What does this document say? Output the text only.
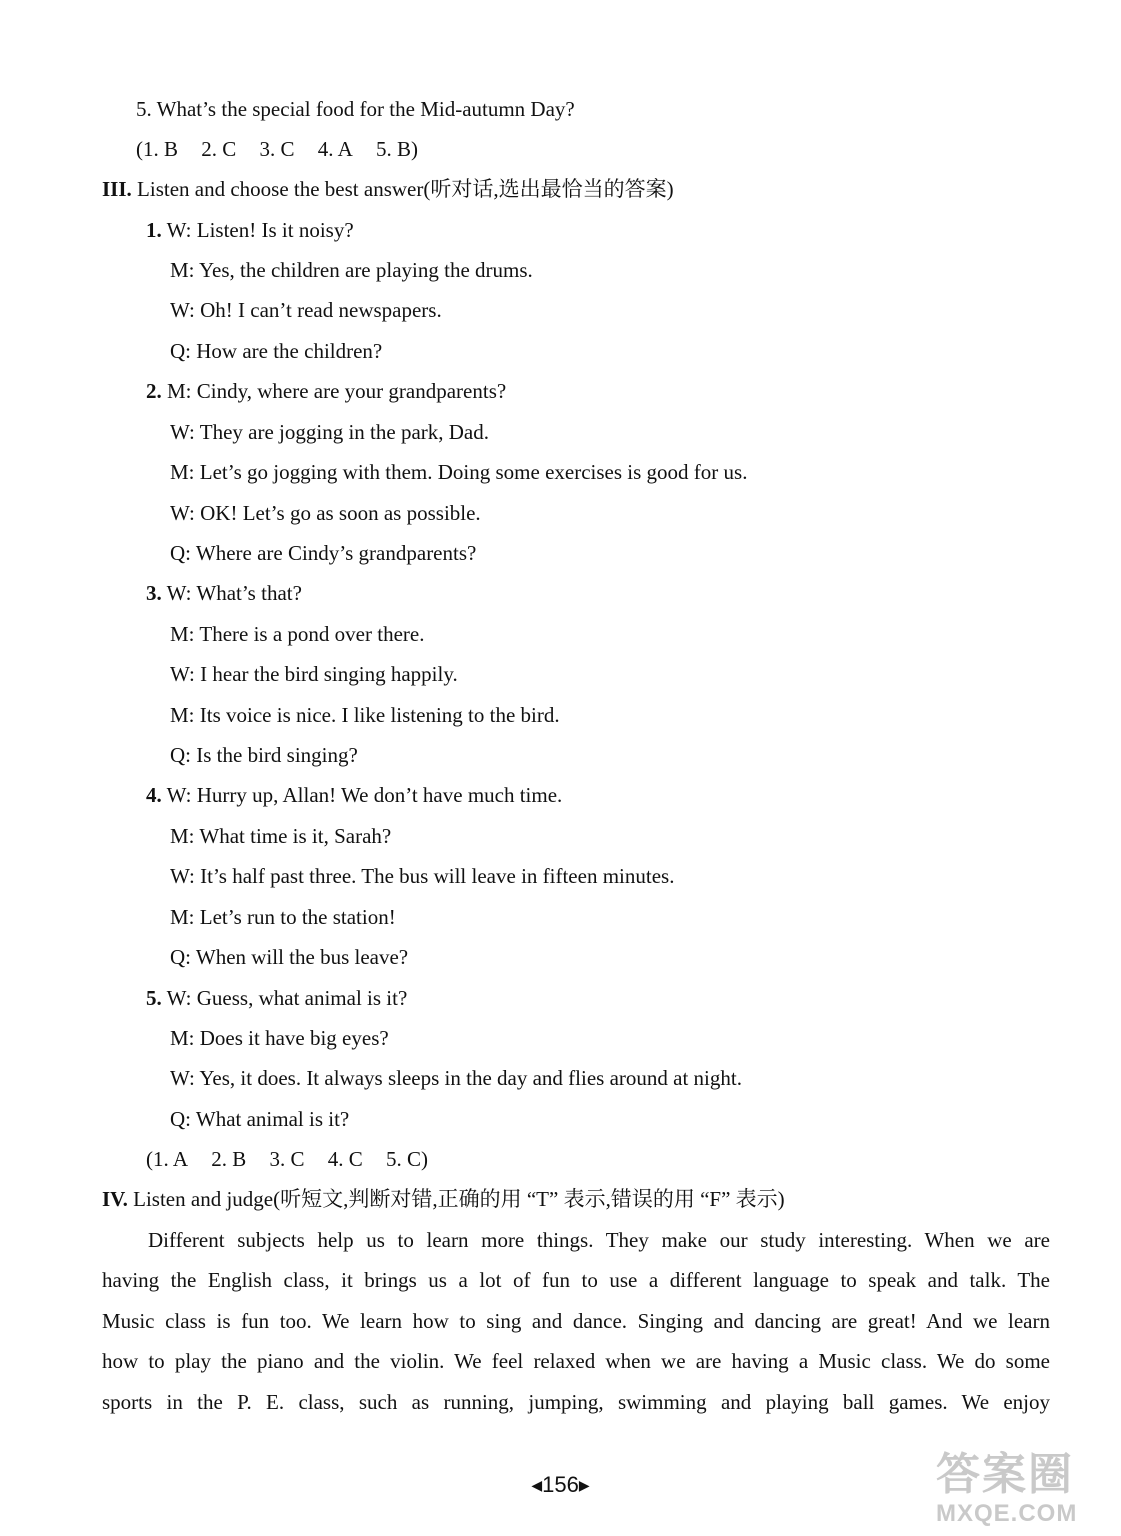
5. What’s the special food for the Mid-autumn Day?
(1. B 2. C 3. C 4. A 5. B)
III. Listen and choose the best answer(听对话,选出最恰当的答案)
1. W: Listen! Is it noisy?
M: Yes, the children are playing the drums.
W: Oh! I can’t read newspapers.
Q: How are the children?
2. M: Cindy, where are your grandparents?
W: They are jogging in the park, Dad.
M: Let’s go jogging with them. Doing some exercises is good for us.
W: OK! Let’s go as soon as possible.
Q: Where are Cindy’s grandparents?
3. W: What’s that?
M: There is a pond over there.
W: I hear the bird singing happily.
M: Its voice is nice. I like listening to the bird.
Q: Is the bird singing?
4. W: Hurry up, Allan! We don’t have much time.
M: What time is it, Sarah?
W: It’s half past three. The bus will leave in fifteen minutes.
M: Let’s run to the station!
Q: When will the bus leave?
5. W: Guess, what animal is it?
M: Does it have big eyes?
W: Yes, it does. It always sleeps in the day and flies around at night.
Q: What animal is it?
(1. A 2. B 3. C 4. C 5. C)
IV. Listen and judge(听短文,判断对错,正确的用 “T” 表示,错误的用 “F” 表示)
Different subjects help us to learn more things. They make our study interesting. When we are
having the English class, it brings us a lot of fun to use a different language to speak and talk. The
Music class is fun too. We learn how to sing and dance. Singing and dancing are great! And we learn
how to play the piano and the violin. We feel relaxed when we are having a Music class. We do some
sports in the P. E. class, such as running, jumping, swimming and playing ball games. We enjoy
◀156▶	答案圈
MXQE.COM
